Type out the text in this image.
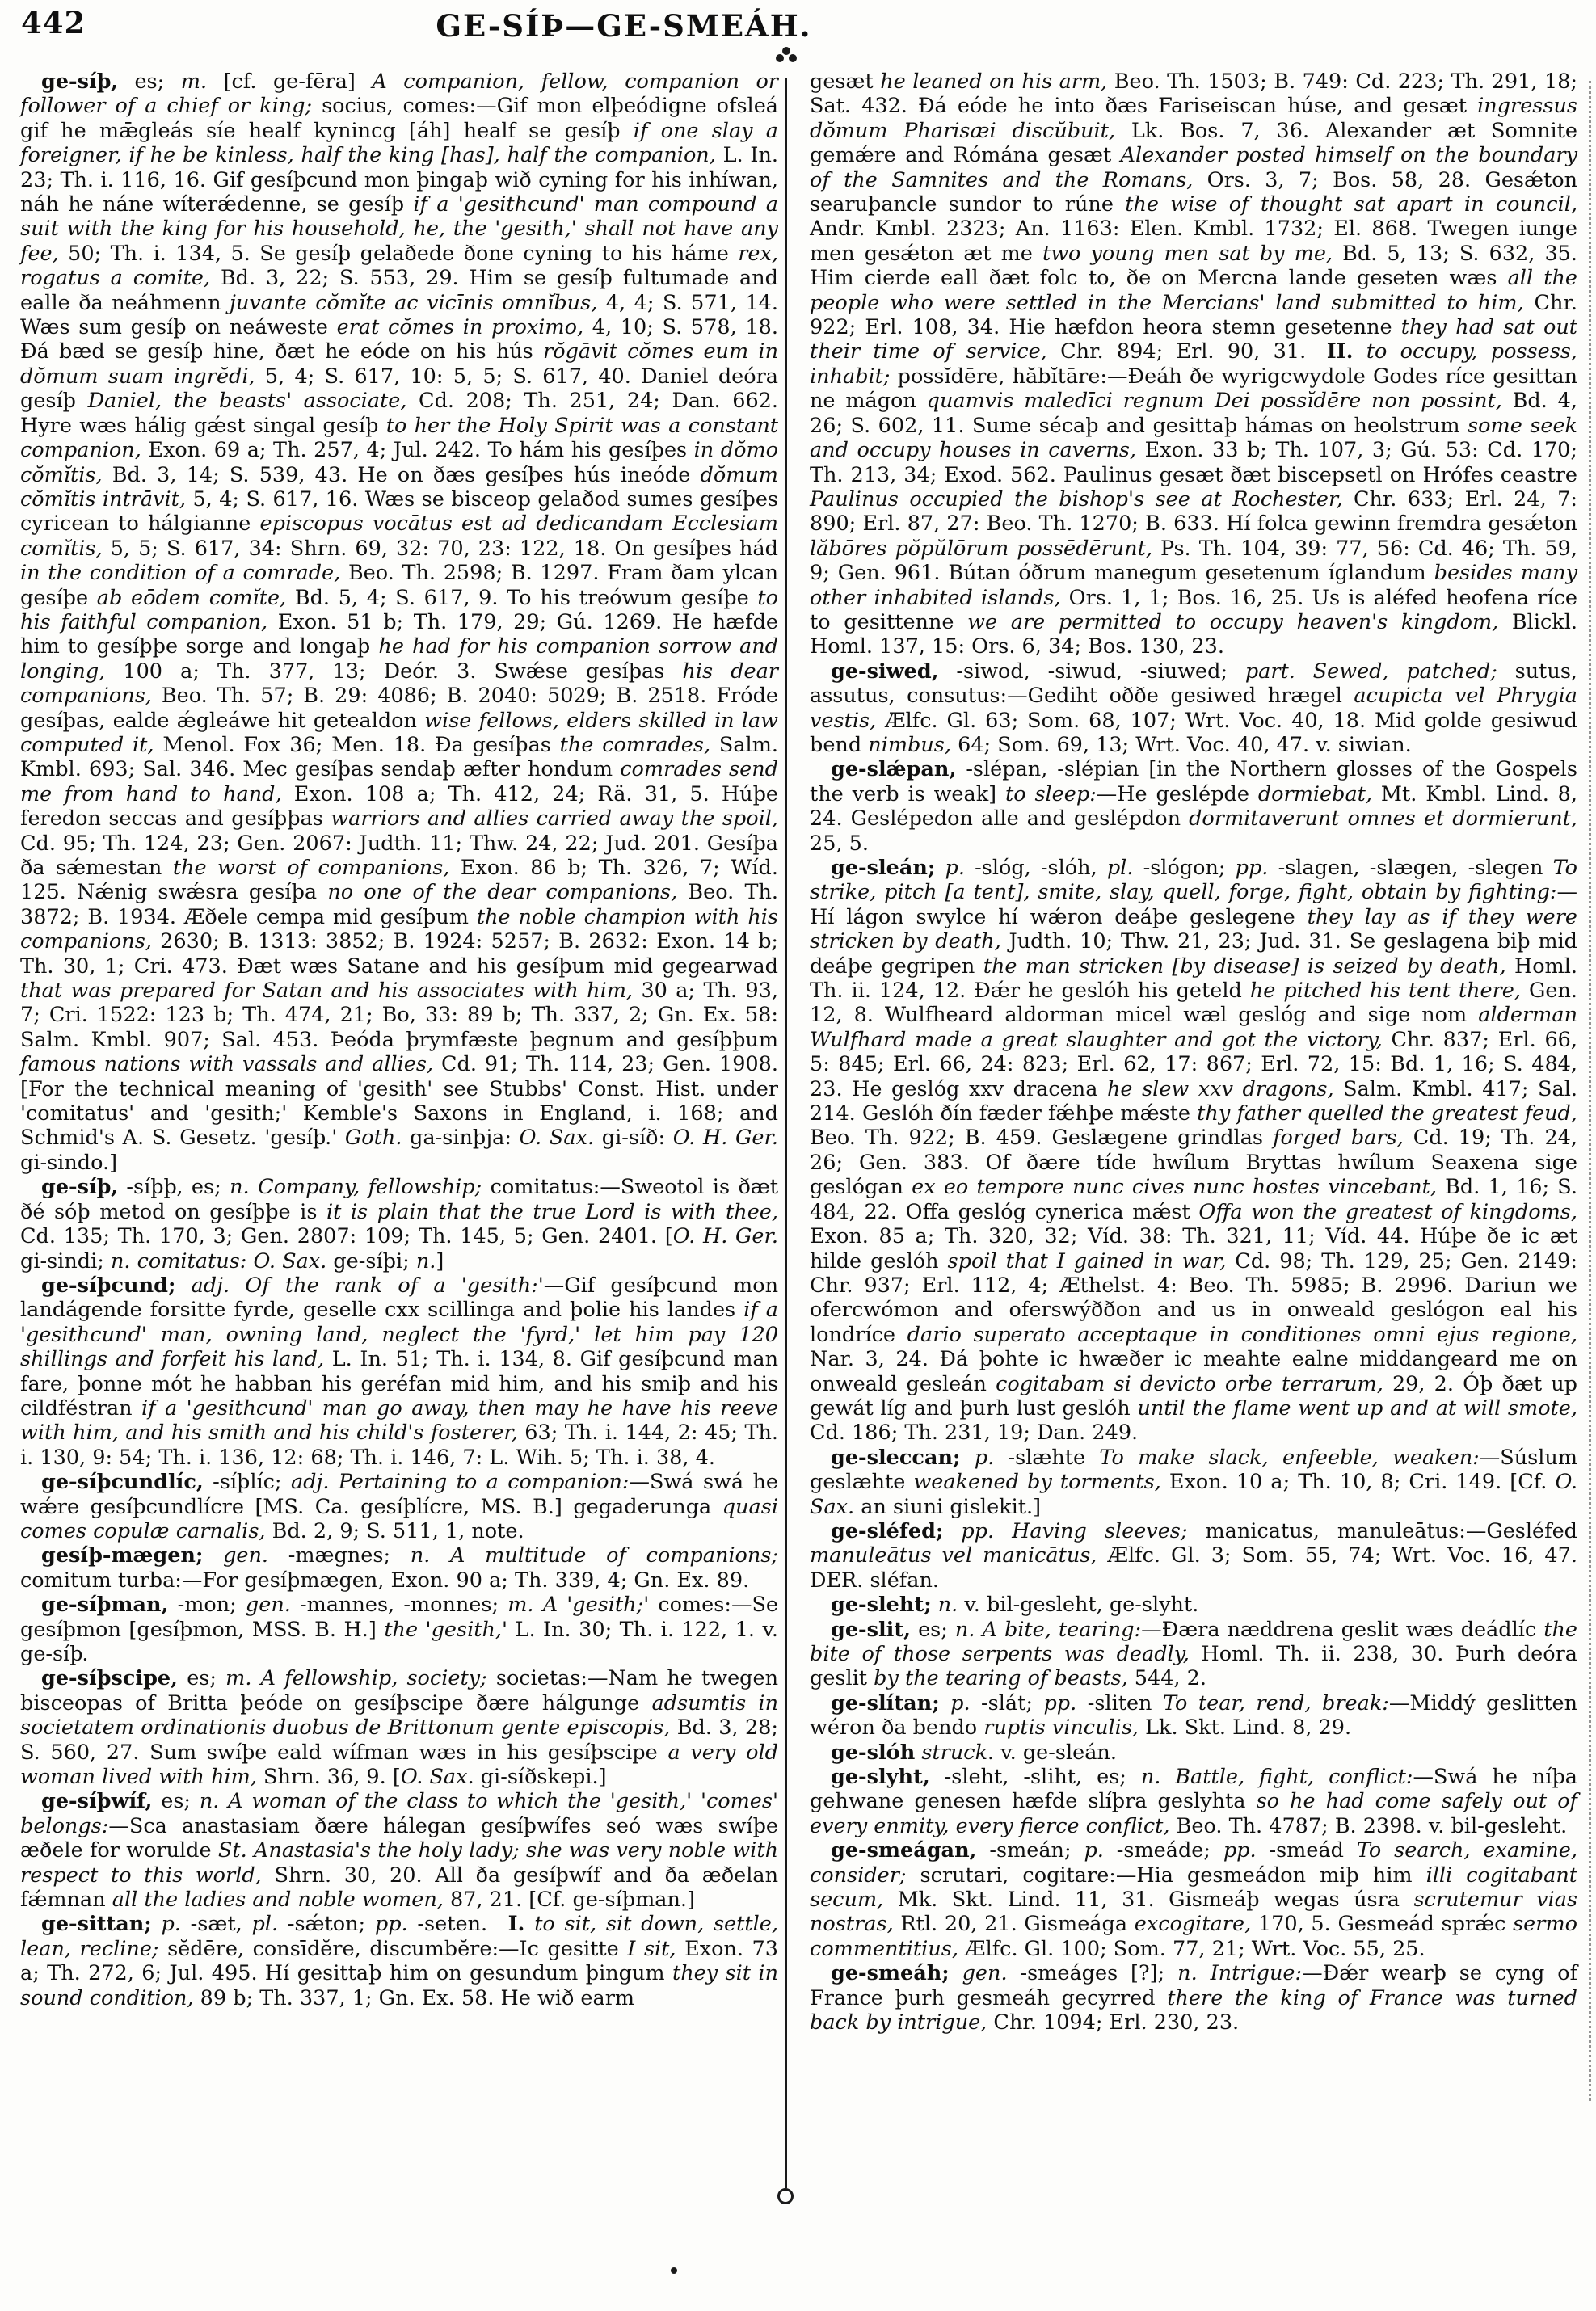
442	GE-SÍÞ—GE-SMEÁH.

ge-síþ, es; m. [cf. ge-fēra] A companion, fellow, companion or follower of a chief or king; socius, comes:—Gif mon elþeódigne ofsleá gif he mǣgleás síe healf kynincg [áh] healf se gesíþ if one slay a foreigner, if he be kinless, half the king [has], half the companion, L. In. 23; Th. i. 116, 16. Gif gesíþcund mon þingaþ wið cyning for his inhíwan, náh he náne wíterǽdenne, se gesíþ if a 'gesithcund' man compound a suit with the king for his household, he, the 'gesith,' shall not have any fee, 50; Th. i. 134, 5. Se gesíþ gelaðede ðone cyning to his háme rex, rogatus a comite, Bd. 3, 22; S. 553, 29. Him se gesíþ fultumade and ealle ða neáhmenn juvante cŏmĭte ac vicīnis omnĭbus, 4, 4; S. 571, 14. Wæs sum gesíþ on neáweste erat cŏmes in proximo, 4, 10; S. 578, 18. Ðá bæd se gesíþ hine, ðæt he eóde on his hús rŏgāvit cŏmes eum in dŏmum suam ingrĕdi, 5, 4; S. 617, 10: 5, 5; S. 617, 40. Daniel deóra gesíþ Daniel, the beasts' associate, Cd. 208; Th. 251, 24; Dan. 662. Hyre wæs hálig gǽst singal gesíþ to her the Holy Spirit was a constant companion, Exon. 69 a; Th. 257, 4; Jul. 242. To hám his gesíþes in dŏmo cŏmĭtis, Bd. 3, 14; S. 539, 43. He on ðæs gesíþes hús ineóde dŏmum cŏmĭtis intrāvit, 5, 4; S. 617, 16. Wæs se bisceop gelaðod sumes gesíþes cyricean to hálgianne episcopus vocātus est ad dedicandam Ecclesiam comĭtis, 5, 5; S. 617, 34: Shrn. 69, 32: 70, 23: 122, 18. On gesíþes hád in the condition of a comrade, Beo. Th. 2598; B. 1297. Fram ðam ylcan gesíþe ab eōdem comĭte, Bd. 5, 4; S. 617, 9. To his treówum gesíþe to his faithful companion, Exon. 51 b; Th. 179, 29; Gú. 1269. He hæfde him to gesíþþe sorge and longaþ he had for his companion sorrow and longing, 100 a; Th. 377, 13; Deór. 3. Swǽse gesíþas his dear companions, Beo. Th. 57; B. 29: 4086; B. 2040: 5029; B. 2518. Fróde gesíþas, ealde ǽgleáwe hit getealdon wise fellows, elders skilled in law computed it, Menol. Fox 36; Men. 18. Ða gesíþas the comrades, Salm. Kmbl. 693; Sal. 346. Mec gesíþas sendaþ æfter hondum comrades send me from hand to hand, Exon. 108 a; Th. 412, 24; Rä. 31, 5. Húþe feredon seccas and gesíþþas warriors and allies carried away the spoil, Cd. 95; Th. 124, 23; Gen. 2067: Judth. 11; Thw. 24, 22; Jud. 201. Gesíþa ða sǽmestan the worst of companions, Exon. 86 b; Th. 326, 7; Wíd. 125. Nǽnig swǽsra gesíþa no one of the dear companions, Beo. Th. 3872; B. 1934. Æðele cempa mid gesíþum the noble champion with his companions, 2630; B. 1313: 3852; B. 1924: 5257; B. 2632: Exon. 14 b; Th. 30, 1; Cri. 473. Ðæt wæs Satane and his gesíþum mid gegearwad that was prepared for Satan and his associates with him, 30 a; Th. 93, 7; Cri. 1522: 123 b; Th. 474, 21; Bo, 33: 89 b; Th. 337, 2; Gn. Ex. 58: Salm. Kmbl. 907; Sal. 453. Þeóda þrymfæste þegnum and gesíþþum famous nations with vassals and allies, Cd. 91; Th. 114, 23; Gen. 1908. [For the technical meaning of 'gesith' see Stubbs' Const. Hist. under 'comitatus' and 'gesith;' Kemble's Saxons in England, i. 168; and Schmid's A. S. Gesetz. 'gesíþ.' Goth. ga-sinþja: O. Sax. gi-síð: O. H. Ger. gi-sindo.]

ge-síþ, -síþþ, es; n. Company, fellowship; comitatus:—Sweotol is ðæt ðé sóþ metod on gesíþþe is it is plain that the true Lord is with thee, Cd. 135; Th. 170, 3; Gen. 2807: 109; Th. 145, 5; Gen. 2401. [O. H. Ger. gi-sindi; n. comitatus: O. Sax. ge-síþi; n.]

ge-síþcund; adj. Of the rank of a 'gesith:'—Gif gesíþcund mon landágende forsitte fyrde, geselle cxx scillinga and þolie his landes if a 'gesithcund' man, owning land, neglect the 'fyrd,' let him pay 120 shillings and forfeit his land, L. In. 51; Th. i. 134, 8. Gif gesíþcund man fare, þonne mót he habban his geréfan mid him, and his smiþ and his cildféstran if a 'gesithcund' man go away, then may he have his reeve with him, and his smith and his child's fosterer, 63; Th. i. 144, 2: 45; Th. i. 130, 9: 54; Th. i. 136, 12: 68; Th. i. 146, 7: L. Wih. 5; Th. i. 38, 4.

ge-síþcundlíc, -síþlíc; adj. Pertaining to a companion:—Swá swá he wǽre gesíþcundlícre [MS. Ca. gesíþlícre, MS. B.] gegaderunga quasi comes copulæ carnalis, Bd. 2, 9; S. 511, 1, note.

gesíþ-mægen; gen. -mægnes; n. A multitude of companions; comitum turba:—For gesíþmægen, Exon. 90 a; Th. 339, 4; Gn. Ex. 89.

ge-síþman, -mon; gen. -mannes, -monnes; m. A 'gesith;' comes:—Se gesíþmon [gesíþmon, MSS. B. H.] the 'gesith,' L. In. 30; Th. i. 122, 1. v. ge-síþ.

ge-síþscipe, es; m. A fellowship, society; societas:—Nam he twegen bisceopas of Britta þeóde on gesíþscipe ðære hálgunge adsumtis in societatem ordinationis duobus de Brittonum gente episcopis, Bd. 3, 28; S. 560, 27. Sum swíþe eald wífman wæs in his gesíþscipe a very old woman lived with him, Shrn. 36, 9. [O. Sax. gi-síðskepi.]

ge-síþwíf, es; n. A woman of the class to which the 'gesith,' 'comes' belongs:—Sca anastasiam ðære hálegan gesíþwífes seó wæs swíþe æðele for worulde St. Anastasia's the holy lady; she was very noble with respect to this world, Shrn. 30, 20. All ða gesíþwíf and ða æðelan fǽmnan all the ladies and noble women, 87, 21. [Cf. ge-síþman.]

ge-sittan; p. -sæt, pl. -sǽton; pp. -seten. I. to sit, sit down, settle, lean, recline; sĕdēre, consīdĕre, discumbĕre:—Ic gesitte I sit, Exon. 73 a; Th. 272, 6; Jul. 495. Hí gesittaþ him on gesundum þingum they sit in sound condition, 89 b; Th. 337, 1; Gn. Ex. 58. He wið earm

gesæt he leaned on his arm, Beo. Th. 1503; B. 749: Cd. 223; Th. 291, 18; Sat. 432. Ðá eóde he into ðæs Fariseiscan húse, and gesæt ingressus dŏmum Pharisæi discŭbuit, Lk. Bos. 7, 36. Alexander æt Somnite gemǽre and Rómána gesæt Alexander posted himself on the boundary of the Samnites and the Romans, Ors. 3, 7; Bos. 58, 28. Gesǽton searuþancle sundor to rúne the wise of thought sat apart in council, Andr. Kmbl. 2323; An. 1163: Elen. Kmbl. 1732; El. 868. Twegen iunge men gesǽton æt me two young men sat by me, Bd. 5, 13; S. 632, 35. Him cierde eall ðæt folc to, ðe on Mercna lande geseten wæs all the people who were settled in the Mercians' land submitted to him, Chr. 922; Erl. 108, 34. Hie hæfdon heora stemn gesetenne they had sat out their time of service, Chr. 894; Erl. 90, 31. II. to occupy, possess, inhabit; possĭdēre, hăbĭtāre:—Ðeáh ðe wyrigcwydole Godes ríce gesittan ne mágon quamvis maledīci regnum Dei possĭdēre non possint, Bd. 4, 26; S. 602, 11. Sume sécaþ and gesittaþ hámas on heolstrum some seek and occupy houses in caverns, Exon. 33 b; Th. 107, 3; Gú. 53: Cd. 170; Th. 213, 34; Exod. 562. Paulinus gesæt ðæt biscepsetl on Hrófes ceastre Paulinus occupied the bishop's see at Rochester, Chr. 633; Erl. 24, 7: 890; Erl. 87, 27: Beo. Th. 1270; B. 633. Hí folca gewinn fremdra gesǽton lăbōres pŏpŭlōrum possēdērunt, Ps. Th. 104, 39: 77, 56: Cd. 46; Th. 59, 9; Gen. 961. Bútan óðrum manegum gesetenum íglandum besides many other inhabited islands, Ors. 1, 1; Bos. 16, 25. Us is aléfed heofena ríce to gesittenne we are permitted to occupy heaven's kingdom, Blickl. Homl. 137, 15: Ors. 6, 34; Bos. 130, 23.

ge-siwed, -siwod, -siwud, -siuwed; part. Sewed, patched; sutus, assutus, consutus:—Gediht oððe gesiwed hrægel acupicta vel Phrygia vestis, Ælfc. Gl. 63; Som. 68, 107; Wrt. Voc. 40, 18. Mid golde gesiwud bend nimbus, 64; Som. 69, 13; Wrt. Voc. 40, 47. v. siwian.

ge-slǽpan, -slépan, -slépian [in the Northern glosses of the Gospels the verb is weak] to sleep:—He geslépde dormiebat, Mt. Kmbl. Lind. 8, 24. Geslépedon alle and geslépdon dormitaverunt omnes et dormierunt, 25, 5.

ge-sleán; p. -slóg, -slóh, pl. -slógon; pp. -slagen, -slægen, -slegen To strike, pitch [a tent], smite, slay, quell, forge, fight, obtain by fighting:—Hí lágon swylce hí wǽron deáþe geslegene they lay as if they were stricken by death, Judth. 10; Thw. 21, 23; Jud. 31. Se geslagena biþ mid deáþe gegripen the man stricken [by disease] is seized by death, Homl. Th. ii. 124, 12. Ðǽr he geslóh his geteld he pitched his tent there, Gen. 12, 8. Wulfheard aldorman micel wæl geslóg and sige nom alderman Wulfhard made a great slaughter and got the victory, Chr. 837; Erl. 66, 5: 845; Erl. 66, 24: 823; Erl. 62, 17: 867; Erl. 72, 15: Bd. 1, 16; S. 484, 23. He geslóg xxv dracena he slew xxv dragons, Salm. Kmbl. 417; Sal. 214. Geslóh ðín fæder fǽhþe mǽste thy father quelled the greatest feud, Beo. Th. 922; B. 459. Geslægene grindlas forged bars, Cd. 19; Th. 24, 26; Gen. 383. Of ðære tíde hwílum Bryttas hwílum Seaxena sige geslógan ex eo tempore nunc cives nunc hostes vincebant, Bd. 1, 16; S. 484, 22. Offa geslóg cynerica mǽst Offa won the greatest of kingdoms, Exon. 85 a; Th. 320, 32; Víd. 38: Th. 321, 11; Víd. 44. Húþe ðe ic æt hilde geslóh spoil that I gained in war, Cd. 98; Th. 129, 25; Gen. 2149: Chr. 937; Erl. 112, 4; Æthelst. 4: Beo. Th. 5985; B. 2996. Dariun we ofercwómon and oferswýððon and us in onweald geslógon eal his londríce dario superato acceptaque in conditiones omni ejus regione, Nar. 3, 24. Ðá þohte ic hwæðer ic meahte ealne middangeard me on onweald gesleán cogitabam si devicto orbe terrarum, 29, 2. Óþ ðæt up gewát líg and þurh lust geslóh until the flame went up and at will smote, Cd. 186; Th. 231, 19; Dan. 249.

ge-sleccan; p. -slæhte To make slack, enfeeble, weaken:—Súslum geslæhte weakened by torments, Exon. 10 a; Th. 10, 8; Cri. 149. [Cf. O. Sax. an siuni gislekit.]

ge-sléfed; pp. Having sleeves; manicatus, manuleātus:—Gesléfed manuleātus vel manicātus, Ælfc. Gl. 3; Som. 55, 74; Wrt. Voc. 16, 47. DER. sléfan.

ge-sleht; n. v. bil-gesleht, ge-slyht.

ge-slit, es; n. A bite, tearing:—Ðæra næddrena geslit wæs deádlíc the bite of those serpents was deadly, Homl. Th. ii. 238, 30. Þurh deóra geslit by the tearing of beasts, 544, 2.

ge-slítan; p. -slát; pp. -sliten To tear, rend, break:—Middý geslitten wéron ða bendo ruptis vinculis, Lk. Skt. Lind. 8, 29.

ge-slóh struck. v. ge-sleán.

ge-slyht, -sleht, -sliht, es; n. Battle, fight, conflict:—Swá he níþa gehwane genesen hæfde slíþra geslyhta so he had come safely out of every enmity, every fierce conflict, Beo. Th. 4787; B. 2398. v. bil-gesleht.

ge-smeágan, -smeán; p. -smeáde; pp. -smeád To search, examine, consider; scrutari, cogitare:—Hia gesmeádon miþ him illi cogitabant secum, Mk. Skt. Lind. 11, 31. Gismeáþ wegas úsra scrutemur vias nostras, Rtl. 20, 21. Gismeága excogitare, 170, 5. Gesmeád sprǽc sermo commentitius, Ælfc. Gl. 100; Som. 77, 21; Wrt. Voc. 55, 25.

ge-smeáh; gen. -smeáges [?]; n. Intrigue:—Ðǽr wearþ se cyng of France þurh gesmeáh gecyrred there the king of France was turned back by intrigue, Chr. 1094; Erl. 230, 23.
